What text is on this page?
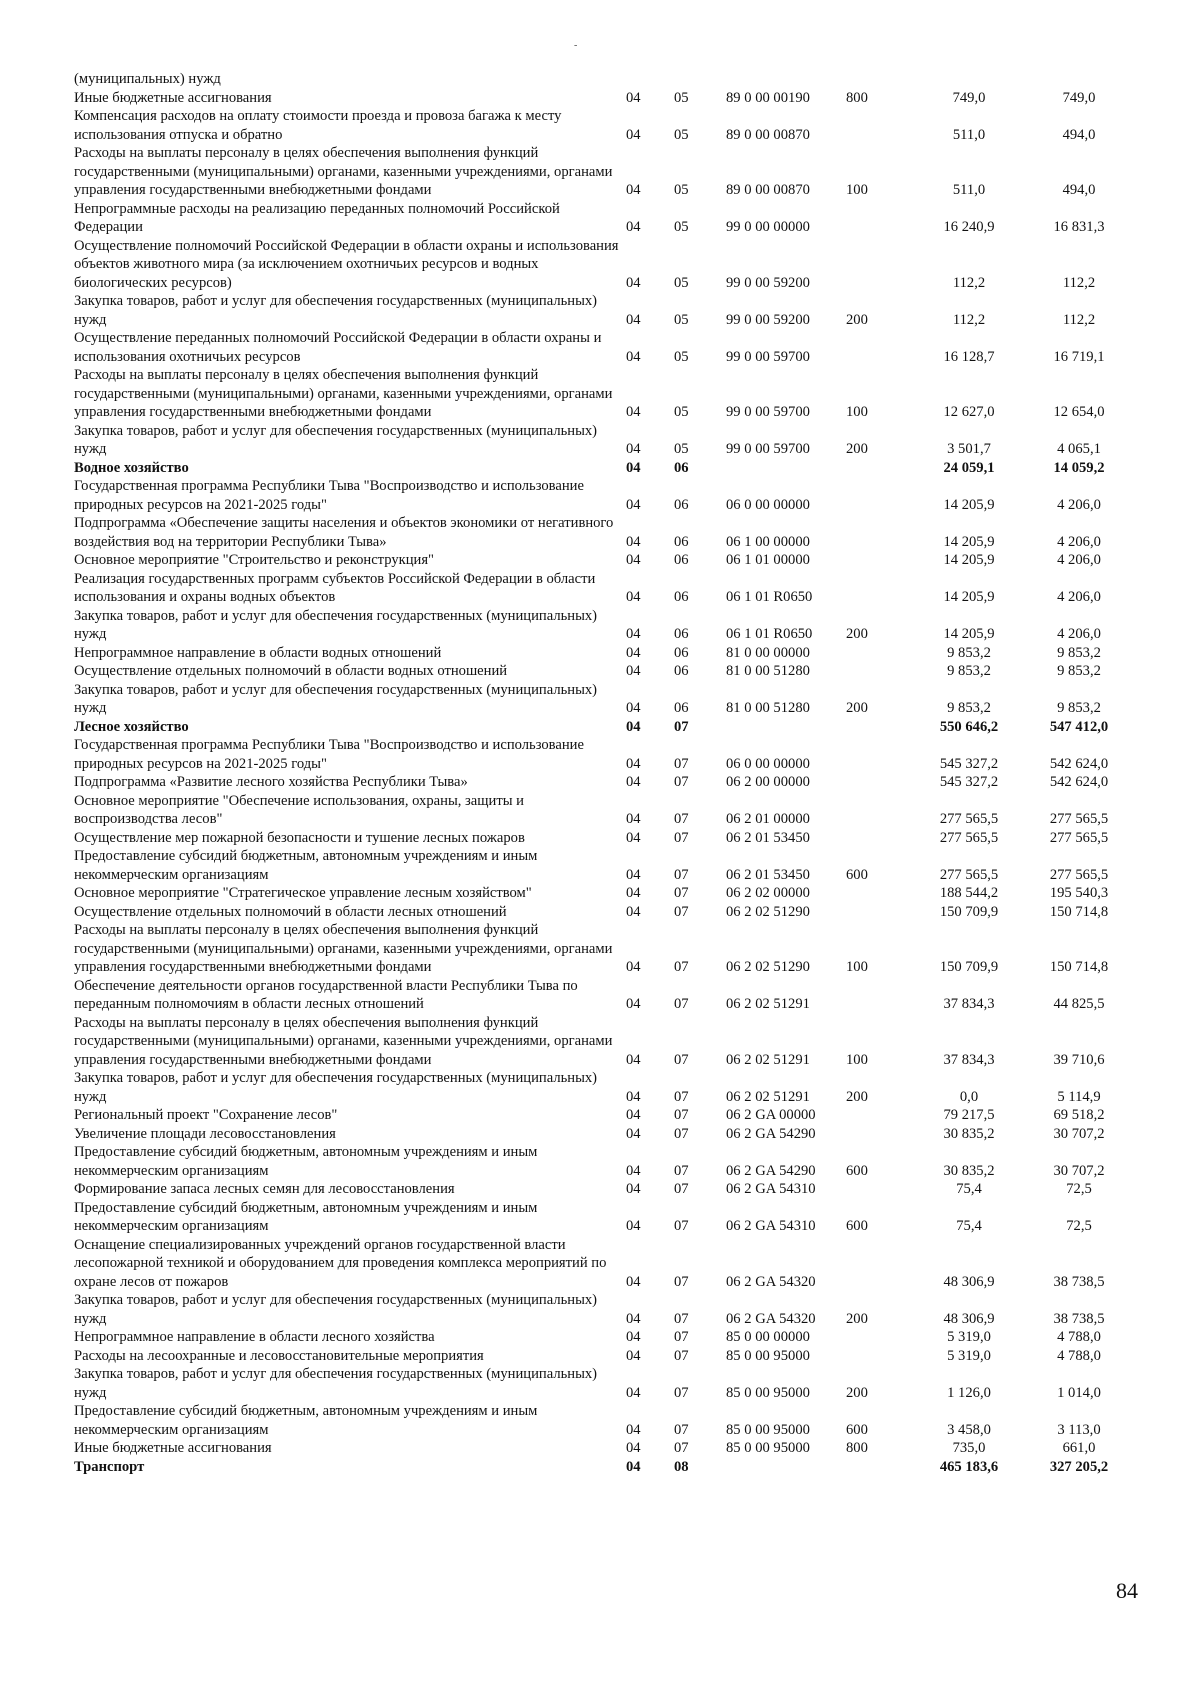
-
(муниципальных) нужд						
Иные бюджетные ассигнования	04	05	89 0 00 00190	800	749,0	749,0
Компенсация расходов на оплату стоимости проезда и провоза багажа к месту использования отпуска и обратно	04	05	89 0 00 00870		511,0	494,0
Расходы на выплаты персоналу в целях обеспечения выполнения функций государственными (муниципальными) органами, казенными учреждениями, органами управления государственными внебюджетными фондами	04	05	89 0 00 00870	100	511,0	494,0
Непрограммные расходы на реализацию переданных полномочий Российской Федерации	04	05	99 0 00 00000		16 240,9	16 831,3
Осуществление полномочий Российской Федерации в области охраны и использования объектов животного мира (за исключением охотничьих ресурсов и водных биологических ресурсов)	04	05	99 0 00 59200		112,2	112,2
Закупка товаров, работ и услуг для обеспечения государственных (муниципальных) нужд	04	05	99 0 00 59200	200	112,2	112,2
Осуществление переданных полномочий Российской Федерации в области охраны и использования охотничьих ресурсов	04	05	99 0 00 59700		16 128,7	16 719,1
Расходы на выплаты персоналу в целях обеспечения выполнения функций государственными (муниципальными) органами, казенными учреждениями, органами управления государственными внебюджетными фондами	04	05	99 0 00 59700	100	12 627,0	12 654,0
Закупка товаров, работ и услуг для обеспечения государственных (муниципальных) нужд	04	05	99 0 00 59700	200	3 501,7	4 065,1
Водное хозяйство	04	06			24 059,1	14 059,2
Государственная программа Республики Тыва "Воспроизводство и использование природных ресурсов на 2021-2025 годы"	04	06	06 0 00 00000		14 205,9	4 206,0
Подпрограмма «Обеспечение защиты населения и объектов экономики от негативного воздействия вод на территории Республики Тыва»	04	06	06 1 00 00000		14 205,9	4 206,0
Основное мероприятие "Строительство и реконструкция"	04	06	06 1 01 00000		14 205,9	4 206,0
Реализация государственных программ субъектов Российской Федерации в области использования и охраны водных объектов	04	06	06 1 01 R0650		14 205,9	4 206,0
Закупка товаров, работ и услуг для обеспечения государственных (муниципальных) нужд	04	06	06 1 01 R0650	200	14 205,9	4 206,0
Непрограммное направление в области водных отношений	04	06	81 0 00 00000		9 853,2	9 853,2
Осуществление отдельных полномочий в области водных отношений	04	06	81 0 00 51280		9 853,2	9 853,2
Закупка товаров, работ и услуг для обеспечения государственных (муниципальных) нужд	04	06	81 0 00 51280	200	9 853,2	9 853,2
Лесное хозяйство	04	07			550 646,2	547 412,0
Государственная программа Республики Тыва "Воспроизводство и использование природных ресурсов на 2021-2025 годы"	04	07	06 0 00 00000		545 327,2	542 624,0
Подпрограмма «Развитие лесного хозяйства Республики Тыва»	04	07	06 2 00 00000		545 327,2	542 624,0
Основное мероприятие "Обеспечение использования, охраны, защиты и воспроизводства лесов"	04	07	06 2 01 00000		277 565,5	277 565,5
Осуществление мер пожарной безопасности и тушение лесных пожаров	04	07	06 2 01 53450		277 565,5	277 565,5
Предоставление субсидий бюджетным, автономным учреждениям и иным некоммерческим организациям	04	07	06 2 01 53450	600	277 565,5	277 565,5
Основное мероприятие "Стратегическое управление лесным хозяйством"	04	07	06 2 02 00000		188 544,2	195 540,3
Осуществление отдельных полномочий в области лесных отношений	04	07	06 2 02 51290		150 709,9	150 714,8
Расходы на выплаты персоналу в целях обеспечения выполнения функций государственными (муниципальными) органами, казенными учреждениями, органами управления государственными внебюджетными фондами	04	07	06 2 02 51290	100	150 709,9	150 714,8
Обеспечение деятельности органов государственной власти Республики Тыва по переданным полномочиям в области лесных отношений	04	07	06 2 02 51291		37 834,3	44 825,5
Расходы на выплаты персоналу в целях обеспечения выполнения функций государственными (муниципальными) органами, казенными учреждениями, органами управления государственными внебюджетными фондами	04	07	06 2 02 51291	100	37 834,3	39 710,6
Закупка товаров, работ и услуг для обеспечения государственных (муниципальных) нужд	04	07	06 2 02 51291	200	0,0	5 114,9
Региональный проект "Сохранение лесов"	04	07	06 2 GA 00000		79 217,5	69 518,2
Увеличение площади лесовосстановления	04	07	06 2 GA 54290		30 835,2	30 707,2
Предоставление субсидий бюджетным, автономным учреждениям и иным некоммерческим организациям	04	07	06 2 GA 54290	600	30 835,2	30 707,2
Формирование запаса лесных семян для лесовосстановления	04	07	06 2 GA 54310		75,4	72,5
Предоставление субсидий бюджетным, автономным учреждениям и иным некоммерческим организациям	04	07	06 2 GA 54310	600	75,4	72,5
Оснащение специализированных учреждений органов государственной власти лесопожарной техникой и оборудованием для проведения комплекса мероприятий по охране лесов от пожаров	04	07	06 2 GA 54320		48 306,9	38 738,5
Закупка товаров, работ и услуг для обеспечения государственных (муниципальных) нужд	04	07	06 2 GA 54320	200	48 306,9	38 738,5
Непрограммное направление в области лесного хозяйства	04	07	85 0 00 00000		5 319,0	4 788,0
Расходы на лесоохранные и лесовосстановительные мероприятия	04	07	85 0 00 95000		5 319,0	4 788,0
Закупка товаров, работ и услуг для обеспечения государственных (муниципальных) нужд	04	07	85 0 00 95000	200	1 126,0	1 014,0
Предоставление субсидий бюджетным, автономным учреждениям и иным некоммерческим организациям	04	07	85 0 00 95000	600	3 458,0	3 113,0
Иные бюджетные ассигнования	04	07	85 0 00 95000	800	735,0	661,0
Транспорт	04	08			465 183,6	327 205,2
84
